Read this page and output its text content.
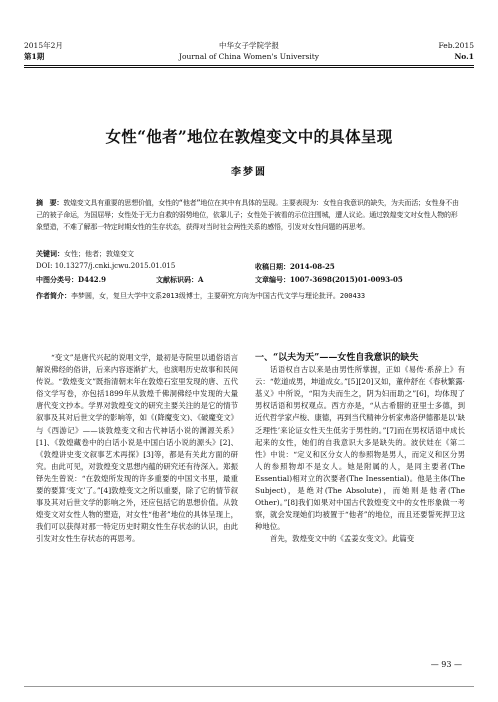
2015年2月
第1期
中华女子学院学报
Journal of China Women's University
Feb.2015
No.1
女性“他者”地位在敦煌变文中的具体呈现
李梦圆
摘　要：敦煌变文具有重要的思想价值，女性的“他者”地位在其中有具体的呈现。主要表现为：女性自我意识的缺失，为夫而活；女性身不由己的被子命运，为国屈辱；女性处于无力自救的弱势地位，依靠儿子；女性处于被看的示位注围城，遭人议论。通过敦煌变文对女性人物的形象塑造，不难了解那一特定时期女性的生存状态，获得对当时社会两性关系的感悟，引发对女性问题的再思考。
关键词：女性；他者；敦煌变文
DOI: 10.13277/j.cnki.jcwu.2015.01.015	收稿日期：2014-08-25
中图分类号：D442.9	文献标识码：A	文章编号：1007-3698(2015)01-0093-05
作者简介：李梦圆，女，复旦大学中文系2013级博士，主要研究方向为中国古代文学与理论批评。200433

“变文”是唐代兴起的说唱文学，最初是寺院里以通俗语言解说佛经的俗讲，后来内容逐渐扩大，也演唱历史故事和民间传说。“敦煌变文”既指清朝末年在敦煌石室里发现的唐、五代俗文学写卷，亦包括1899年从敦煌千佛洞佛经中发现的大量唐代变文抄本。学界对敦煌变文的研究主要关注的是它的情节叙事及其对后世文学的影响等，如《(降魔变文)、《破魔变文》与《西游记》——谈敦煌变文和古代神话小说的渊源关系》[1]、《敦煌藏卷中的白话小说是中国白话小说的源头》[2]、《敦煌讲史变文叙事艺术再探》[3]等，都是有关此方面的研究。由此可见，对敦煌变文思想内蕴的研究还有待深入。郑振铎先生曾说：“在敦煌所发现的许多重要的中国文书里，最重要的要算‘变文’了。”[4]敦煌变文之所以重要，除了它的情节叙事及其对后世文学的影响之外，还应包括它的思想价值。从敦煌变文对女性人物的塑造，对女性“他者”地位的具体呈现上，我们可以获得对那一特定历史时期女性生存状态的认识，由此引发对女性生存状态的再思考。

一、“以夫为天”——女性自我意识的缺失

话语权自古以来是由男性所掌握，正如《易传·系辞上》有云：“乾道成男，坤道成女。”[5][20]又如，董仲舒在《春秋繁露·基义》中所说，“阳为夫而生之，阴为妇而助之”[6]，均体现了男权话语和男权观点。西方亦是，“从古希腊的亚里士多德，到近代哲学家卢梭、康德，再到当代精神分析家弗洛伊德都是以‘缺乏理性’来论证女性天生低劣于男性的。”[7]而在男权话语中成长起来的女性，她们的自我意识大多是缺失的。波伏娃在《第二性》中说：“定义和区分女人的参照物是男人，而定义和区分男人的参照物却不是女人。她是附属的人，是同主要者(The Essential)相对立的次要者(The Inessential)。他是主体(The Subject)，是绝对(The Absolute)，而她则是他者(The Other)。”[8]我们如果对中国古代敦煌变文中的女性形象做一考察，就会发现她们均被置于“他者”的地位，而且还要誓死捍卫这种地位。

首先，敦煌变文中的《孟姜女变文》。此篇变

— 93 —
